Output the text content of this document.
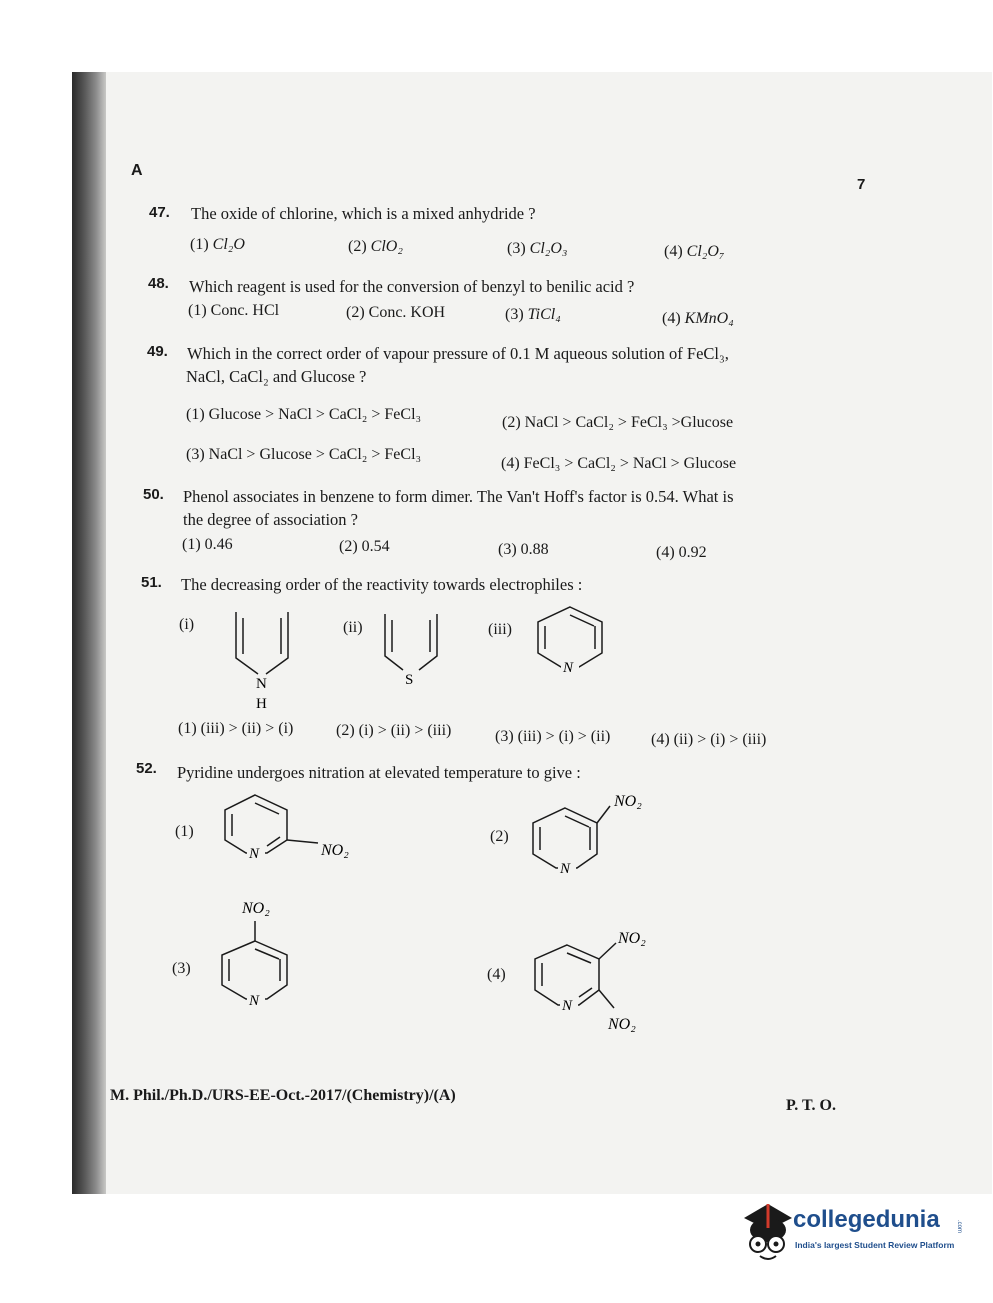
A
7
47. The oxide of chlorine, which is a mixed anhydride ?
(1) Cl₂O	(2) ClO₂	(3) Cl₂O₃	(4) Cl₂O₇
48. Which reagent is used for the conversion of benzyl to benilic acid ?
(1) Conc. HCl	(2) Conc. KOH	(3) TiCl₄	(4) KMnO₄
49. Which in the correct order of vapour pressure of 0.1 M aqueous solution of FeCl₃,
NaCl, CaCl₂ and Glucose ?
(1) Glucose > NaCl > CaCl₂ > FeCl₃	(2) NaCl > CaCl₂ > FeCl₃ >Glucose
(3) NaCl > Glucose > CaCl₂ > FeCl₃
(4) FeCl₃ > CaCl₂ > NaCl > Glucose
50. Phenol associates in benzene to form dimer. The Van't Hoff's factor is 0.54. What is
the degree of association ?
(1) 0.46	(2) 0.54	(3) 0.88	(4) 0.92
51. The decreasing order of the reactivity towards electrophiles :
(i)
N
H
(ii)
S
(iii)
N
(1) (iii) > (ii) > (i)	(2) (i) > (ii) > (iii)	(3) (iii) > (i) > (ii)	(4) (ii) > (i) > (iii)
52. Pyridine undergoes nitration at elevated temperature to give :
(1)
N	NO₂
(2)
N
NO₂
(3)
N
NO₂
(4)
N
NO₂
NO₂
M. Phil./Ph.D./URS-EE-Oct.-2017/(Chemistry)/(A)
P. T. O.
collegedunia	.com
India's largest Student Review Platform
